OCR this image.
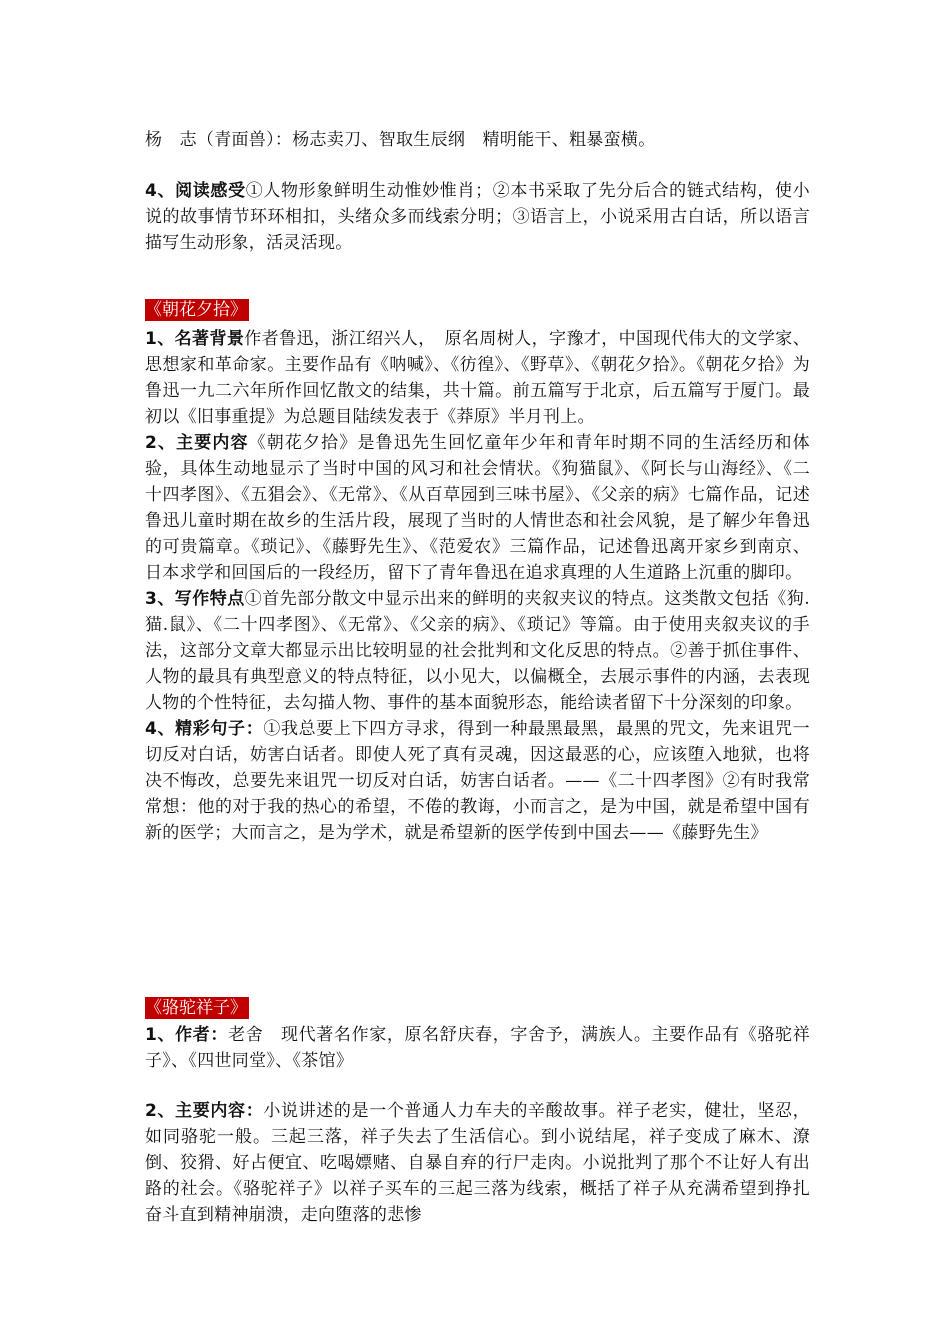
杨　志（青面兽）：杨志卖刀、智取生辰纲　精明能干、粗暴蛮横。

4、阅读感受①人物形象鲜明生动惟妙惟肖；②本书采取了先分后合的链式结构，使小说的故事情节环环相扣，头绪众多而线索分明；③语言上，小说采用古白话，所以语言描写生动形象，活灵活现。

《朝花夕拾》

1、名著背景作者鲁迅，浙江绍兴人，　原名周树人，字豫才，中国现代伟大的文学家、思想家和革命家。主要作品有《呐喊》、《彷徨》、《野草》、《朝花夕拾》。《朝花夕拾》为鲁迅一九二六年所作回忆散文的结集，共十篇。前五篇写于北京，后五篇写于厦门。最初以《旧事重提》为总题目陆续发表于《莽原》半月刊上。

2、主要内容《朝花夕拾》是鲁迅先生回忆童年少年和青年时期不同的生活经历和体验，具体生动地显示了当时中国的风习和社会情状。《狗猫鼠》、《阿长与山海经》、《二十四孝图》、《五猖会》、《无常》、《从百草园到三味书屋》、《父亲的病》七篇作品，记述鲁迅儿童时期在故乡的生活片段，展现了当时的人情世态和社会风貌，是了解少年鲁迅的可贵篇章。《琐记》、《藤野先生》、《范爱农》三篇作品，记述鲁迅离开家乡到南京、日本求学和回国后的一段经历，留下了青年鲁迅在追求真理的人生道路上沉重的脚印。

3、写作特点①首先部分散文中显示出来的鲜明的夹叙夹议的特点。这类散文包括《狗.猫.鼠》、《二十四孝图》、《无常》、《父亲的病》、《琐记》等篇。由于使用夹叙夹议的手法，这部分文章大都显示出比较明显的社会批判和文化反思的特点。②善于抓住事件、人物的最具有典型意义的特点特征，以小见大，以偏概全，去展示事件的内涵，去表现人物的个性特征，去勾描人物、事件的基本面貌形态，能给读者留下十分深刻的印象。

4、精彩句子：①我总要上下四方寻求，得到一种最黑最黑，最黑的咒文，先来诅咒一切反对白话，妨害白话者。即使人死了真有灵魂，因这最恶的心，应该堕入地狱，也将决不悔改，总要先来诅咒一切反对白话，妨害白话者。——《二十四孝图》②有时我常常想：他的对于我的热心的希望，不倦的教诲，小而言之，是为中国，就是希望中国有新的医学；大而言之，是为学术，就是希望新的医学传到中国去——《藤野先生》

《骆驼祥子》

1、作者：老舍　现代著名作家，原名舒庆春，字舍予，满族人。主要作品有《骆驼祥子》、《四世同堂》、《茶馆》

2、主要内容：小说讲述的是一个普通人力车夫的辛酸故事。祥子老实，健壮，坚忍，如同骆驼一般。三起三落，祥子失去了生活信心。到小说结尾，祥子变成了麻木、潦倒、狡猾、好占便宜、吃喝嫖赌、自暴自弃的行尸走肉。小说批判了那个不让好人有出路的社会。《骆驼祥子》以祥子买车的三起三落为线索，概括了祥子从充满希望到挣扎奋斗直到精神崩溃，走向堕落的悲惨
